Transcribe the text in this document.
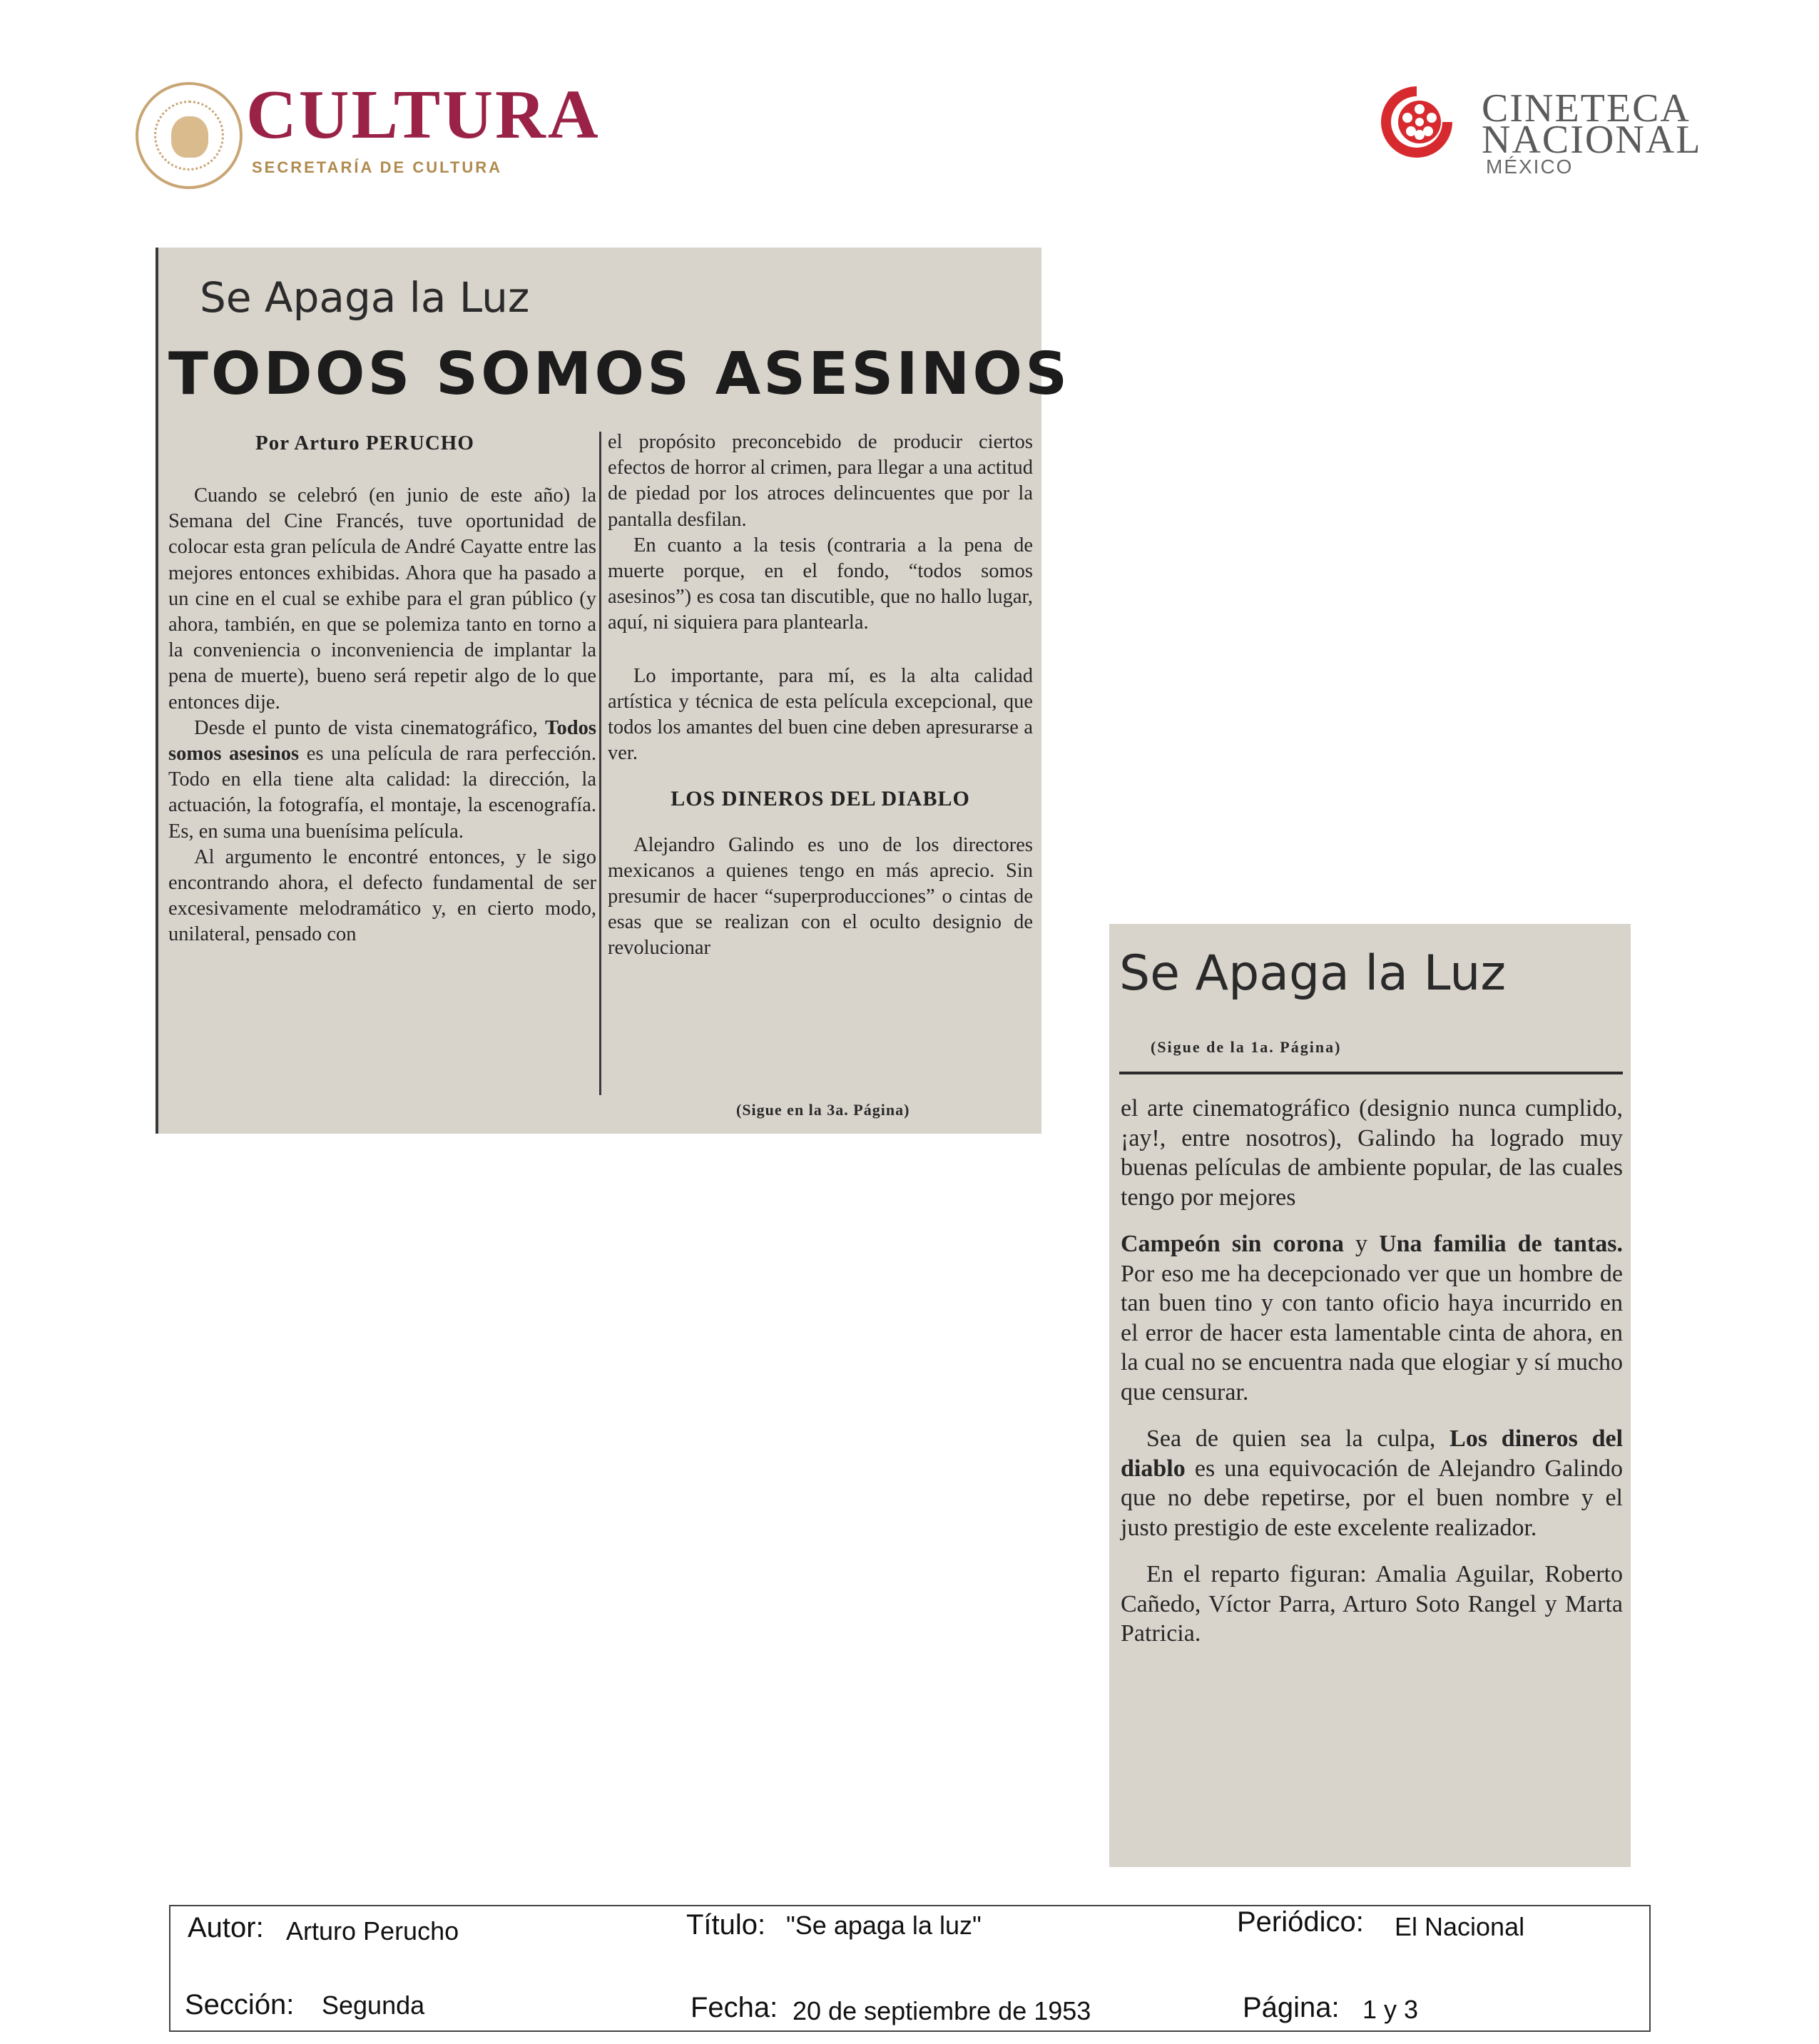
CULTURA
SECRETARÍA DE CULTURA
CINETECA
NACIONAL
MÉXICO
Se Apaga la Luz
TODOS SOMOS ASESINOS
Por Arturo PERUCHO

Cuando se celebró (en junio de este año) la Semana del Cine Francés, tuve oportunidad de colocar esta gran película de André Cayatte entre las mejores entonces exhibidas. Ahora que ha pasado a un cine en el cual se exhibe para el gran público (y ahora, también, en que se polemiza tanto en torno a la conveniencia o inconveniencia de implantar la pena de muerte), bueno será repetir algo de lo que entonces dije.

Desde el punto de vista cinematográfico, Todos somos asesinos es una película de rara perfección. Todo en ella tiene alta calidad: la dirección, la actuación, la fotografía, el montaje, la escenografía. Es, en suma una buenísima película.

Al argumento le encontré entonces, y le sigo encontrando ahora, el defecto fundamental de ser excesivamente melodramático y, en cierto modo, unilateral, pensado con

el propósito preconcebido de producir ciertos efectos de horror al crimen, para llegar a una actitud de piedad por los atroces delincuentes que por la pantalla desfilan.

En cuanto a la tesis (contraria a la pena de muerte porque, en el fondo, “todos somos asesinos”) es cosa tan discutible, que no hallo lugar, aquí, ni siquiera para plantearla.

Lo importante, para mí, es la alta calidad artística y técnica de esta película excepcional, que todos los amantes del buen cine deben apresurarse a ver.

LOS DINEROS DEL DIABLO

Alejandro Galindo es uno de los directores mexicanos a quienes tengo en más aprecio. Sin presumir de hacer “superproducciones” o cintas de esas que se realizan con el oculto designio de revolucionar

(Sigue en la 3a. Página)
Se Apaga la Luz
(Sigue de la 1a. Página)

el arte cinematográfico (designio nunca cumplido, ¡ay!, entre nosotros), Galindo ha logrado muy buenas películas de ambiente popular, de las cuales tengo por mejores

Campeón sin corona y Una familia de tantas. Por eso me ha decepcionado ver que un hombre de tan buen tino y con tanto oficio haya incurrido en el error de hacer esta lamentable cinta de ahora, en la cual no se encuentra nada que elogiar y sí mucho que censurar.

Sea de quien sea la culpa, Los dineros del diablo es una equivocación de Alejandro Galindo que no debe repetirse, por el buen nombre y el justo prestigio de este excelente realizador.

En el reparto figuran: Amalia Aguilar, Roberto Cañedo, Víctor Parra, Arturo Soto Rangel y Marta Patricia.

Autor: Arturo Perucho	Título: "Se apaga la luz"	Periódico: El Nacional
Sección: Segunda	Fecha: 20 de septiembre de 1953	Página: 1 y 3
